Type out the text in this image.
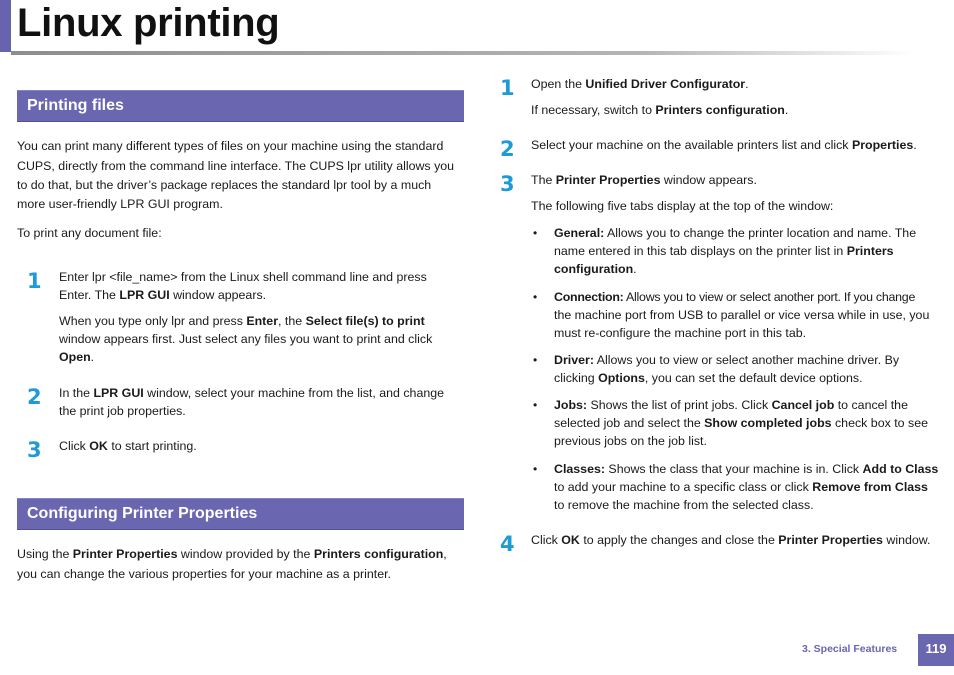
Linux printing
Printing files

You can print many different types of files on your machine using the standard

CUPS, directly from the command line interface. The CUPS lpr utility allows you

to do that, but the driver’s package replaces the standard lpr tool by a much

more user-friendly LPR GUI program.

To print any document file:

1 Enter lpr <file_name> from the Linux shell command line and press

Enter. The LPR GUI window appears.

When you type only lpr and press Enter, the Select file(s) to print

window appears first. Just select any files you want to print and click

Open.

2 In the LPR GUI window, select your machine from the list, and change

the print job properties.

3 Click OK to start printing.

Configuring Printer Properties

Using the Printer Properties window provided by the Printers configuration,

you can change the various properties for your machine as a printer.

1 Open the Unified Driver Configurator.

If necessary, switch to Printers configuration.

2 Select your machine on the available printers list and click Properties.

3 The Printer Properties window appears.

The following five tabs display at the top of the window:

• General: Allows you to change the printer location and name. The

name entered in this tab displays on the printer list in Printers

configuration.

• Connection: Allows you to view or select another port. If you change

the machine port from USB to parallel or vice versa while in use, you

must re-configure the machine port in this tab.

• Driver: Allows you to view or select another machine driver. By

clicking Options, you can set the default device options.

• Jobs: Shows the list of print jobs. Click Cancel job to cancel the

selected job and select the Show completed jobs check box to see

previous jobs on the job list.

• Classes: Shows the class that your machine is in. Click Add to Class

to add your machine to a specific class or click Remove from Class

to remove the machine from the selected class.

4 Click OK to apply the changes and close the Printer Properties window.

3. Special Features	119
